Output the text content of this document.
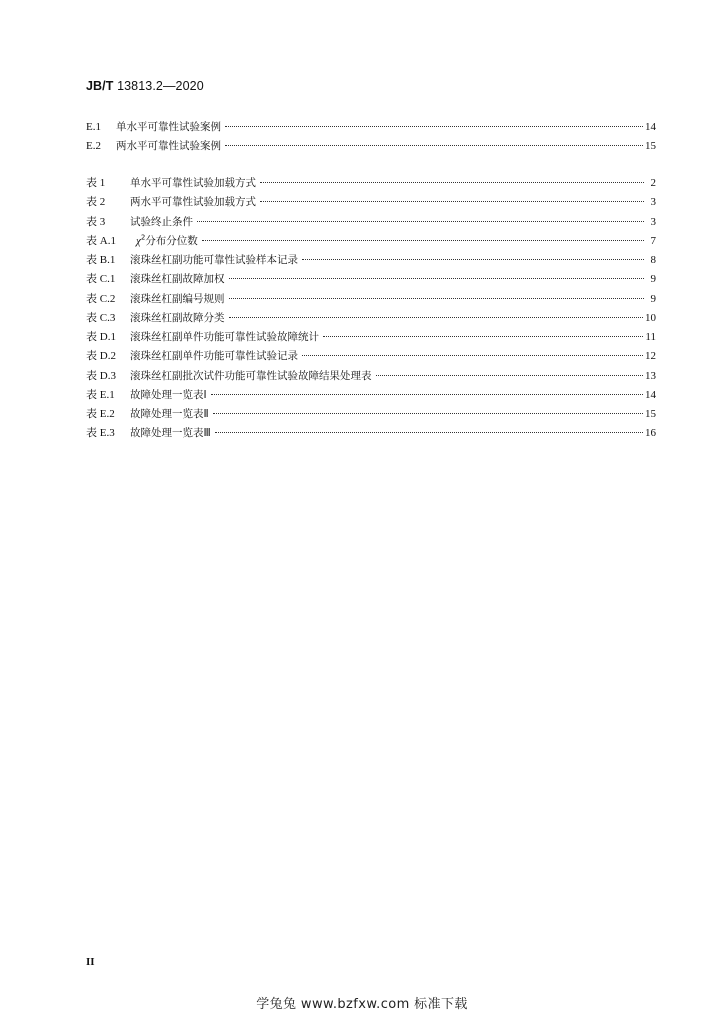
JB/T 13813.2—2020
E.1	单水平可靠性试验案例	14
E.2	两水平可靠性试验案例	15
表 1	单水平可靠性试验加载方式	2
表 2	两水平可靠性试验加载方式	3
表 3	试验终止条件	3
表 A.1	$\chi^2$分布分位数	7
表 B.1	滚珠丝杠副功能可靠性试验样本记录	8
表 C.1	滚珠丝杠副故障加权	9
表 C.2	滚珠丝杠副编号规则	9
表 C.3	滚珠丝杠副故障分类	10
表 D.1	滚珠丝杠副单件功能可靠性试验故障统计	11
表 D.2	滚珠丝杠副单件功能可靠性试验记录	12
表 D.3	滚珠丝杠副批次试件功能可靠性试验故障结果处理表	13
表 E.1	故障处理一览表Ⅰ	14
表 E.2	故障处理一览表Ⅱ	15
表 E.3	故障处理一览表Ⅲ	16
II
学兔兔 www.bzfxw.com 标准下载
